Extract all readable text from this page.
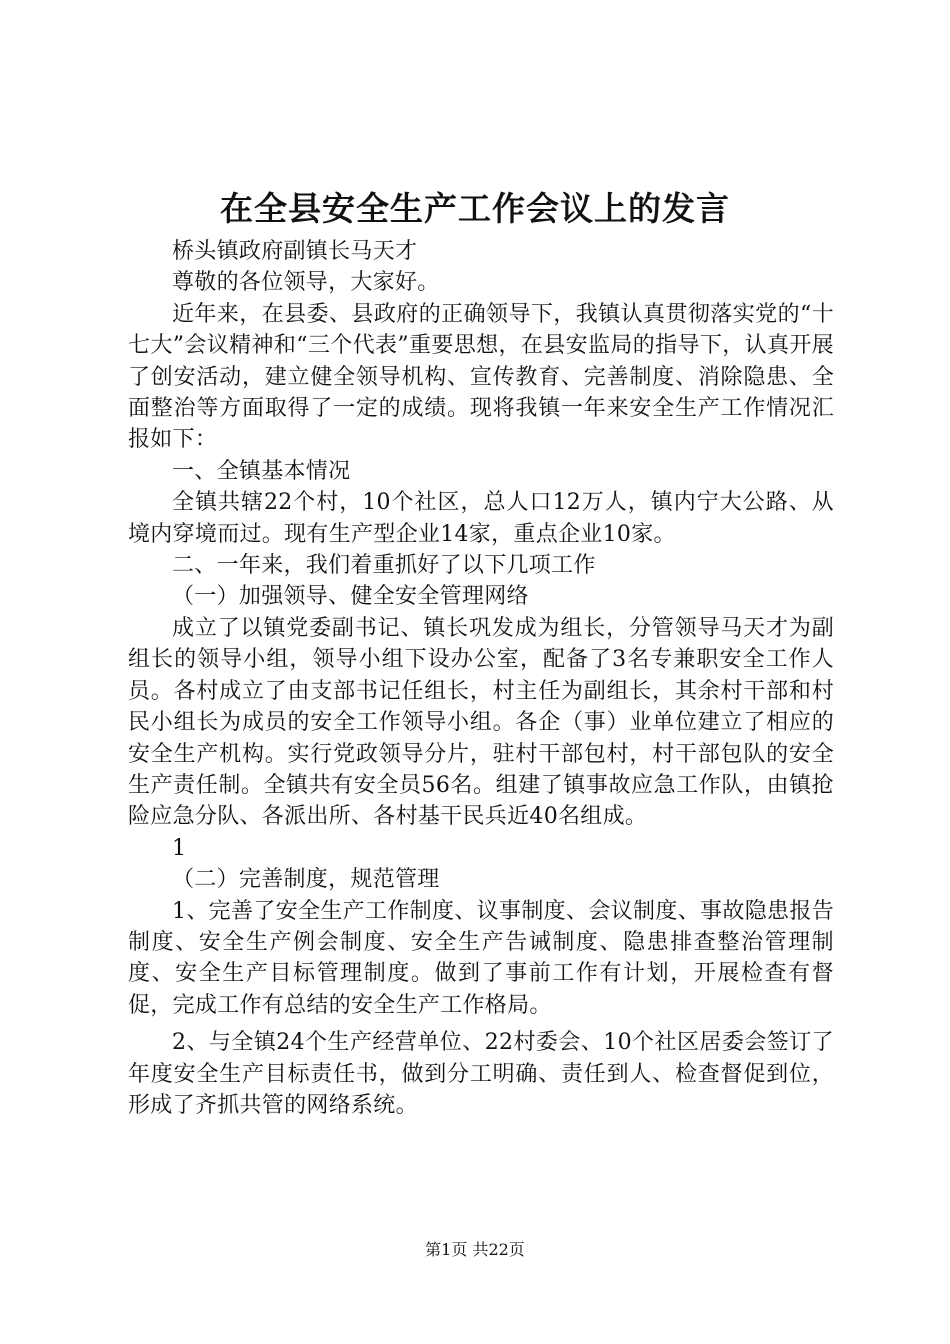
在全县安全生产工作会议上的发言

桥头镇政府副镇长马天才

尊敬的各位领导，大家好。

近年来，在县委、县政府的正确领导下，我镇认真贯彻落实党的“十七大”会议精神和“三个代表”重要思想，在县安监局的指导下，认真开展了创安活动，建立健全领导机构、宣传教育、完善制度、消除隐患、全面整治等方面取得了一定的成绩。现将我镇一年来安全生产工作情况汇报如下：

一、全镇基本情况

全镇共辖22个村，10个社区，总人口12万人，镇内宁大公路、从境内穿境而过。现有生产型企业14家，重点企业10家。

二、一年来，我们着重抓好了以下几项工作

（一）加强领导、健全安全管理网络

成立了以镇党委副书记、镇长巩发成为组长，分管领导马天才为副组长的领导小组，领导小组下设办公室，配备了3名专兼职安全工作人员。各村成立了由支部书记任组长，村主任为副组长，其余村干部和村民小组长为成员的安全工作领导小组。各企（事）业单位建立了相应的安全生产机构。实行党政领导分片，驻村干部包村，村干部包队的安全生产责任制。全镇共有安全员56名。组建了镇事故应急工作队，由镇抢险应急分队、各派出所、各村基干民兵近40名组成。

1

（二）完善制度，规范管理

1、完善了安全生产工作制度、议事制度、会议制度、事故隐患报告制度、安全生产例会制度、安全生产告诫制度、隐患排查整治管理制度、安全生产目标管理制度。做到了事前工作有计划，开展检查有督促，完成工作有总结的安全生产工作格局。

2、与全镇24个生产经营单位、22村委会、10个社区居委会签订了年度安全生产目标责任书，做到分工明确、责任到人、检查督促到位，形成了齐抓共管的网络系统。

第1页 共22页
